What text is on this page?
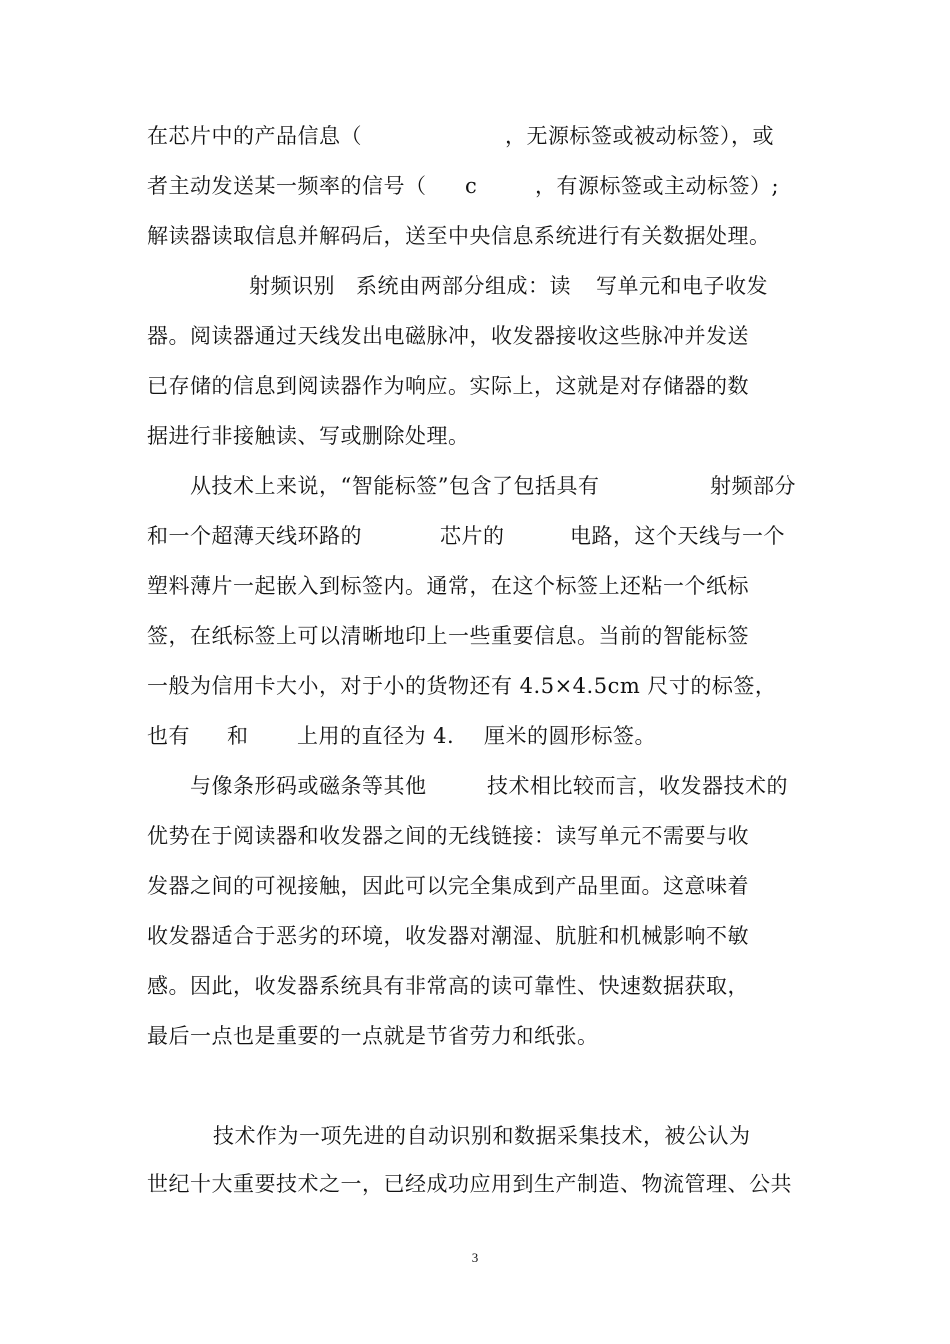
在芯片中的产品信息（

	，无源标签或被动标签），或

者主动发送某一频率的信号（

c

	，有源标签或主动标签）;

解读器读取信息并解码后，送至中央信息系统进行有关数据处理。

射频识别

系统由两部分组成：读

写单元和电子收发

器。阅读器通过天线发出电磁脉冲，收发器接收这些脉冲并发送

已存储的信息到阅读器作为响应。实际上，这就是对存储器的数

据进行非接触读、写或删除处理。

从技术上来说，“智能标签”包含了包括具有

	射频部分

和一个超薄天线环路的

	芯片的

	电路，这个天线与一个

塑料薄片一起嵌入到标签内。通常，在这个标签上还粘一个纸标

签，在纸标签上可以清晰地印上一些重要信息。当前的智能标签

一般为信用卡大小，对于小的货物还有 4.5×4.5cm 尺寸的标签，

也有

和

上用的直径为 4.

厘米的圆形标签。

与像条形码或磁条等其他

	技术相比较而言，收发器技术的

优势在于阅读器和收发器之间的无线链接：读

写单元不需要与收

发器之间的可视接触，因此可以完全集成到产品里面。这意味着

收发器适合于恶劣的环境，收发器对潮湿、肮脏和机械影响不敏

感。因此，收发器系统具有非常高的读可靠性、快速数据获取，

最后一点也是重要的一点就是节省劳力和纸张。

技术作为一项先进的自动识别和数据采集技术，被公认为

世纪十大重要技术之一，已经成功应用到生产制造、物流管理、公共

3
